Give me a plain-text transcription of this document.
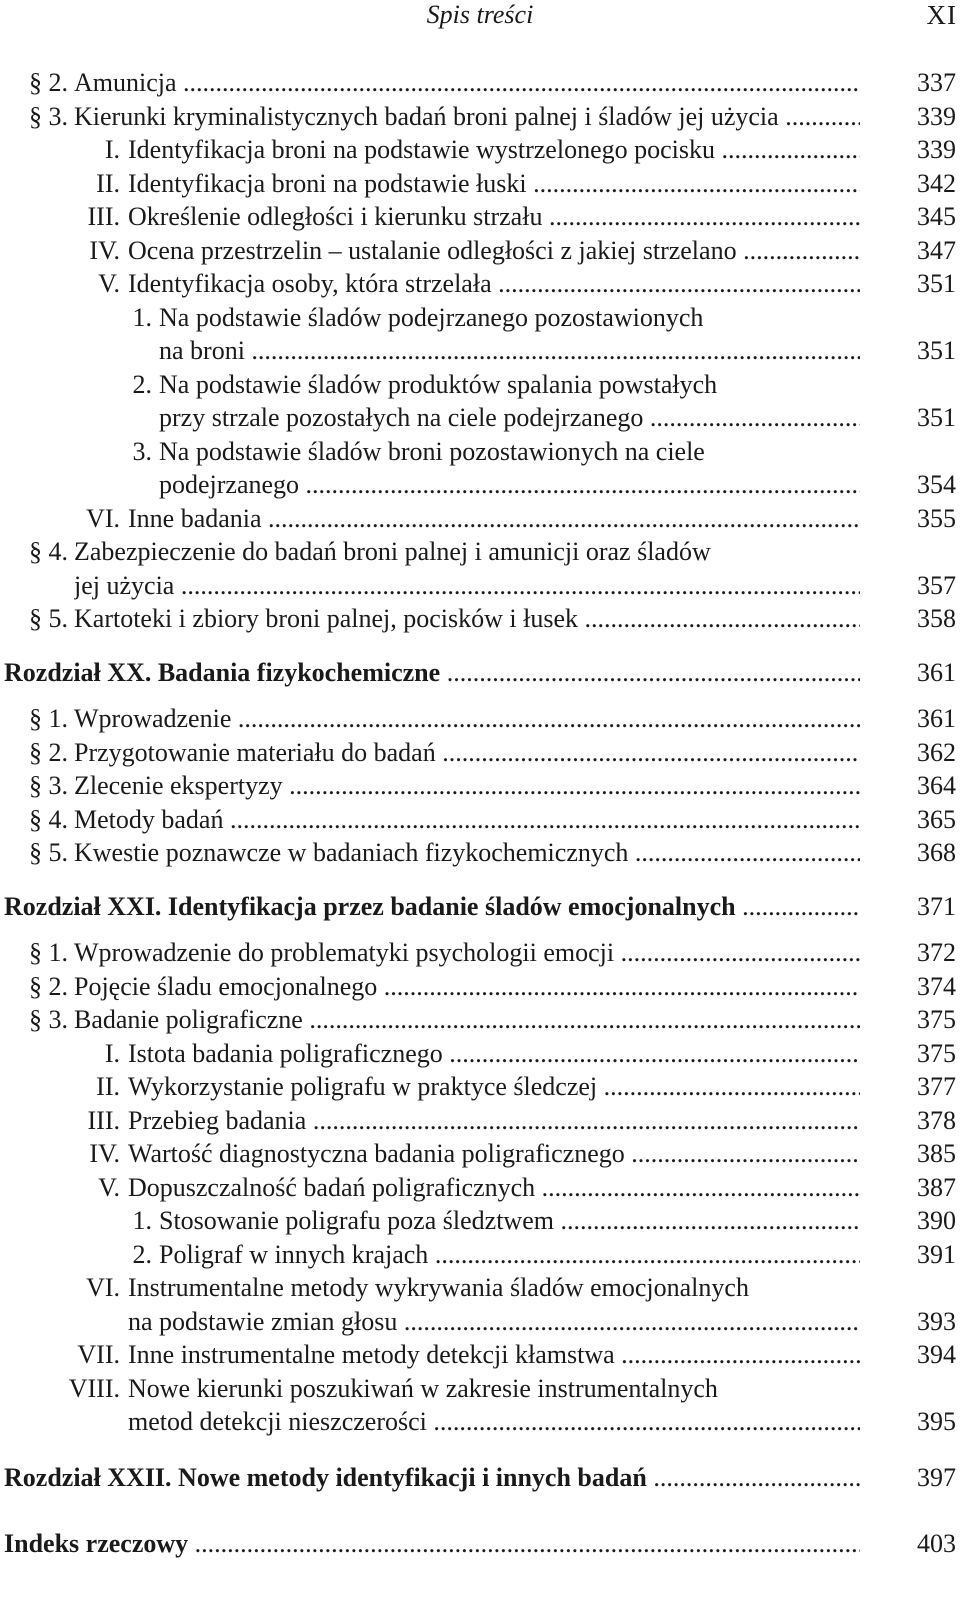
Spis treści	XI
§ 2. Amunicja .....	337
§ 3. Kierunki kryminalistycznych badań broni palnej i śladów jej użycia .....	339
I. Identyfikacja broni na podstawie wystrzelonego pocisku .....	339
II. Identyfikacja broni na podstawie łuski .....	342
III. Określenie odległości i kierunku strzału .....	345
IV. Ocena przestrzelin – ustalanie odległości z jakiej strzelano .....	347
V. Identyfikacja osoby, która strzelała .....	351
1. Na podstawie śladów podejrzanego pozostawionych
na broni .....	351
2. Na podstawie śladów produktów spalania powstałych
przy strzale pozostałych na ciele podejrzanego .....	351
3. Na podstawie śladów broni pozostawionych na ciele
podejrzanego .....	354
VI. Inne badania .....	355
§ 4. Zabezpieczenie do badań broni palnej i amunicji oraz śladów
jej użycia .....	357
§ 5. Kartoteki i zbiory broni palnej, pocisków i łusek .....	358
Rozdział XX. Badania fizykochemiczne .....	361
§ 1. Wprowadzenie .....	361
§ 2. Przygotowanie materiału do badań .....	362
§ 3. Zlecenie ekspertyzy .....	364
§ 4. Metody badań .....	365
§ 5. Kwestie poznawcze w badaniach fizykochemicznych .....	368
Rozdział XXI. Identyfikacja przez badanie śladów emocjonalnych .....	371
§ 1. Wprowadzenie do problematyki psychologii emocji .....	372
§ 2. Pojęcie śladu emocjonalnego .....	374
§ 3. Badanie poligraficzne .....	375
I. Istota badania poligraficznego .....	375
II. Wykorzystanie poligrafu w praktyce śledczej .....	377
III. Przebieg badania .....	378
IV. Wartość diagnostyczna badania poligraficznego .....	385
V. Dopuszczalność badań poligraficznych .....	387
1. Stosowanie poligrafu poza śledztwem .....	390
2. Poligraf w innych krajach .....	391
VI. Instrumentalne metody wykrywania śladów emocjonalnych
na podstawie zmian głosu .....	393
VII. Inne instrumentalne metody detekcji kłamstwa .....	394
VIII. Nowe kierunki poszukiwań w zakresie instrumentalnych
metod detekcji nieszczerości .....	395
Rozdział XXII. Nowe metody identyfikacji i innych badań .....	397
Indeks rzeczowy .....	403
